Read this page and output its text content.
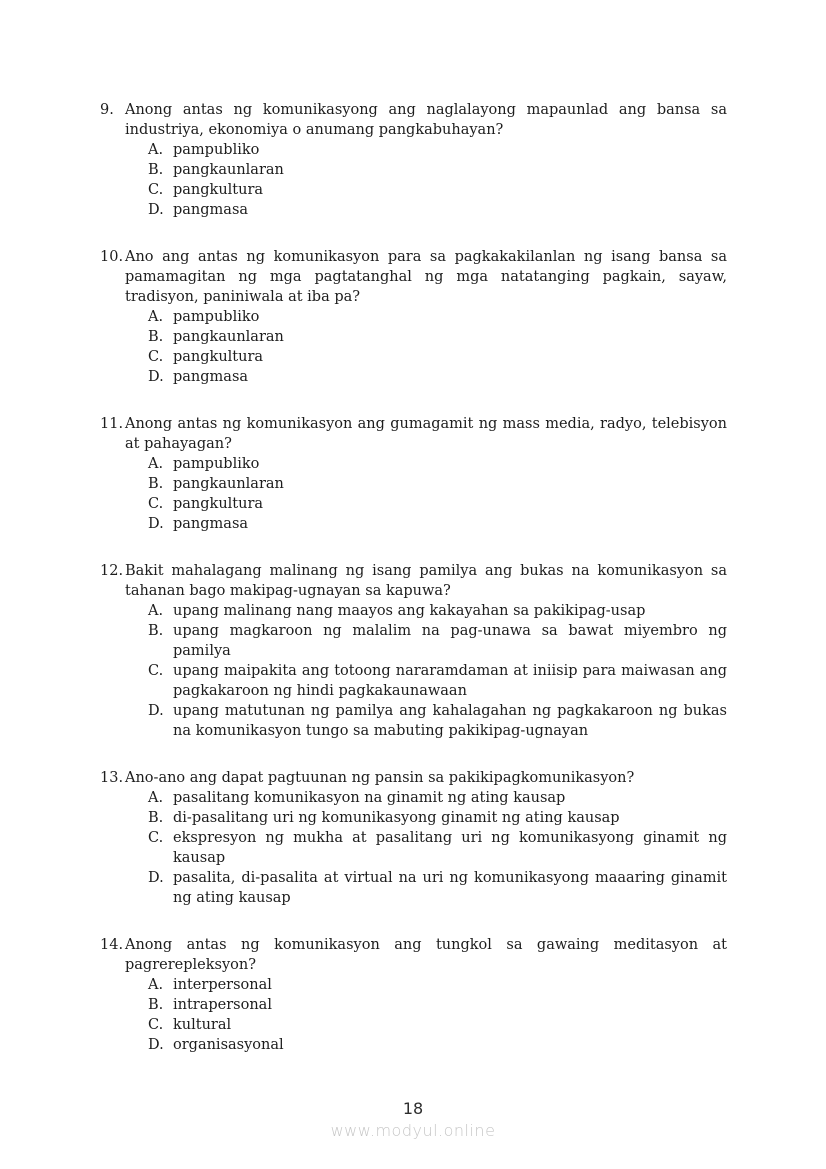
9. Anong antas ng komunikasyong ang naglalayong mapaunlad ang bansa sa industriya, ekonomiya o anumang pangkabuhayan?
A. pampubliko
B. pangkaunlaran
C. pangkultura
D. pangmasa
10. Ano ang antas ng komunikasyon para sa pagkakakilanlan ng isang bansa sa pamamagitan ng mga pagtatanghal ng mga natatanging pagkain, sayaw, tradisyon, paniniwala at iba pa?
A. pampubliko
B. pangkaunlaran
C. pangkultura
D. pangmasa
11. Anong antas ng komunikasyon ang gumagamit ng mass media, radyo, telebisyon at pahayagan?
A. pampubliko
B. pangkaunlaran
C. pangkultura
D. pangmasa
12. Bakit mahalagang malinang ng isang pamilya ang bukas na komunikasyon sa tahanan bago makipag-ugnayan sa kapuwa?
A. upang malinang nang maayos ang kakayahan sa pakikipag-usap
B. upang magkaroon ng malalim na pag-unawa sa bawat miyembro ng pamilya
C. upang maipakita ang totoong nararamdaman at iniisip para maiwasan ang pagkakaroon ng hindi pagkakaunawaan
D. upang matutunan ng pamilya ang kahalagahan ng pagkakaroon ng bukas na komunikasyon tungo sa mabuting pakikipag-ugnayan
13. Ano-ano ang dapat pagtuunan ng pansin sa pakikipagkomunikasyon?
A. pasalitang komunikasyon na ginamit ng ating kausap
B. di-pasalitang uri ng komunikasyong ginamit ng ating kausap
C. ekspresyon ng mukha at pasalitang uri ng komunikasyong ginamit ng kausap
D. pasalita, di-pasalita at virtual na uri ng komunikasyong maaaring ginamit ng ating kausap
14. Anong antas ng komunikasyon ang tungkol sa gawaing meditasyon at pagrerepleksyon?
A. interpersonal
B. intrapersonal
C. kultural
D. organisasyonal
18
www.modyul.online
